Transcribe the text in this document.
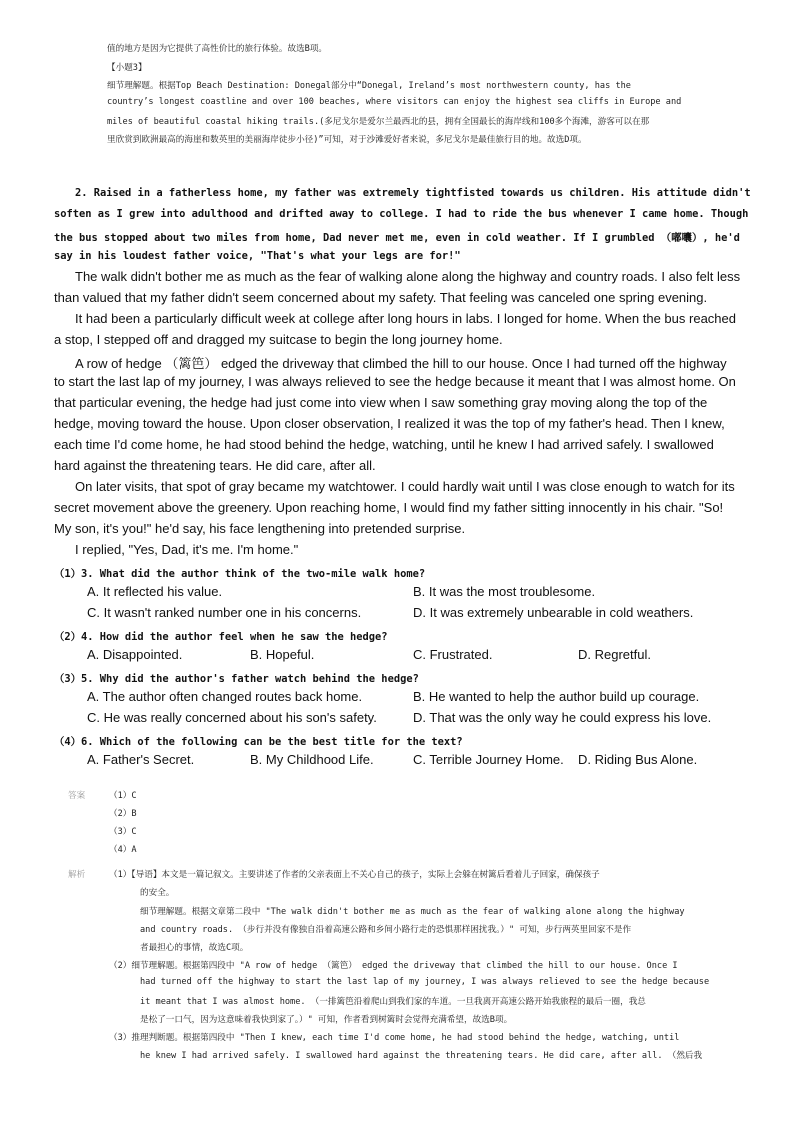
值的地方是因为它提供了高性价比的旅行体验。故选B项。
【小题3】
细节理解题。根据Top Beach Destination: Donegal部分中“Donegal, Ireland’s most northwestern county, has the
country’s longest coastline and over 100 beaches, where visitors can enjoy the highest sea cliffs in Europe and
miles of beautiful coastal hiking trails.(多尼戈尔是爱尔兰最西北的县，拥有全国最长的海岸线和100多个海滩，游客可以在那
里欣赏到欧洲最高的海崖和数英里的美丽海岸徒步小径)”可知，对于沙滩爱好者来说，多尼戈尔是最佳旅行目的地。故选D项。
2. Raised in a fatherless home, my father was extremely tightfisted towards us children. His attitude didn't
soften as I grew into adulthood and drifted away to college. I had to ride the bus whenever I came home. Though
the bus stopped about two miles from home, Dad never met me, even in cold weather. If I grumbled （嘟囔）, he'd
say in his loudest father voice, "That's what your legs are for!"
The walk didn't bother me as much as the fear of walking alone along the highway and country roads. I also felt less
than valued that my father didn't seem concerned about my safety. That feeling was canceled one spring evening.
It had been a particularly difficult week at college after long hours in labs. I longed for home. When the bus reached
a stop, I stepped off and dragged my suitcase to begin the long journey home.
A row of hedge （篱笆） edged the driveway that climbed the hill to our house. Once I had turned off the highway
to start the last lap of my journey, I was always relieved to see the hedge because it meant that I was almost home. On
that particular evening, the hedge had just come into view when I saw something gray moving along the top of the
hedge, moving toward the house. Upon closer observation, I realized it was the top of my father's head. Then I knew,
each time I'd come home, he had stood behind the hedge, watching, until he knew I had arrived safely. I swallowed
hard against the threatening tears. He did care, after all.
On later visits, that spot of gray became my watchtower. I could hardly wait until I was close enough to watch for its
secret movement above the greenery. Upon reaching home, I would find my father sitting innocently in his chair. "So!
My son, it's you!" he'd say, his face lengthening into pretended surprise.
I replied, "Yes, Dad, it's me. I'm home."
（1）3. What did the author think of the two-mile walk home?
A. It reflected his value.	B. It was the most troublesome.
C. It wasn't ranked number one in his concerns.	D. It was extremely unbearable in cold weathers.
（2）4. How did the author feel when he saw the hedge?
A. Disappointed.	B. Hopeful.	C. Frustrated.	D. Regretful.
（3）5. Why did the author's father watch behind the hedge?
A. The author often changed routes back home.	B. He wanted to help the author build up courage.
C. He was really concerned about his son's safety.	D. That was the only way he could express his love.
（4）6. Which of the following can be the best title for the text?
A. Father's Secret.	B. My Childhood Life.	C. Terrible Journey Home. D. Riding Bus Alone.
答案	（1）C
（2）B
（3）C
（4）A
解析	（1）【导语】本文是一篇记叙文。主要讲述了作者的父亲表面上不关心自己的孩子，实际上会躲在树篱后看着儿子回家，确保孩子
的安全。
细节理解题。根据文章第二段中 "The walk didn't bother me as much as the fear of walking alone along the highway
and country roads. （步行并没有像独自沿着高速公路和乡间小路行走的恐惧那样困扰我。）" 可知，步行两英里回家不是作
者最担心的事情，故选C项。
（2）细节理解题。根据第四段中 "A row of hedge （篱笆） edged the driveway that climbed the hill to our house. Once I
had turned off the highway to start the last lap of my journey, I was always relieved to see the hedge because
it meant that I was almost home. （一排篱笆沿着爬山到我们家的车道。一旦我离开高速公路开始我旅程的最后一圈，我总
是松了一口气，因为这意味着我快到家了。）" 可知，作者看到树篱时会觉得充满希望，故选B项。
（3）推理判断题。根据第四段中 "Then I knew, each time I'd come home, he had stood behind the hedge, watching, until
he knew I had arrived safely. I swallowed hard against the threatening tears. He did care, after all. （然后我
